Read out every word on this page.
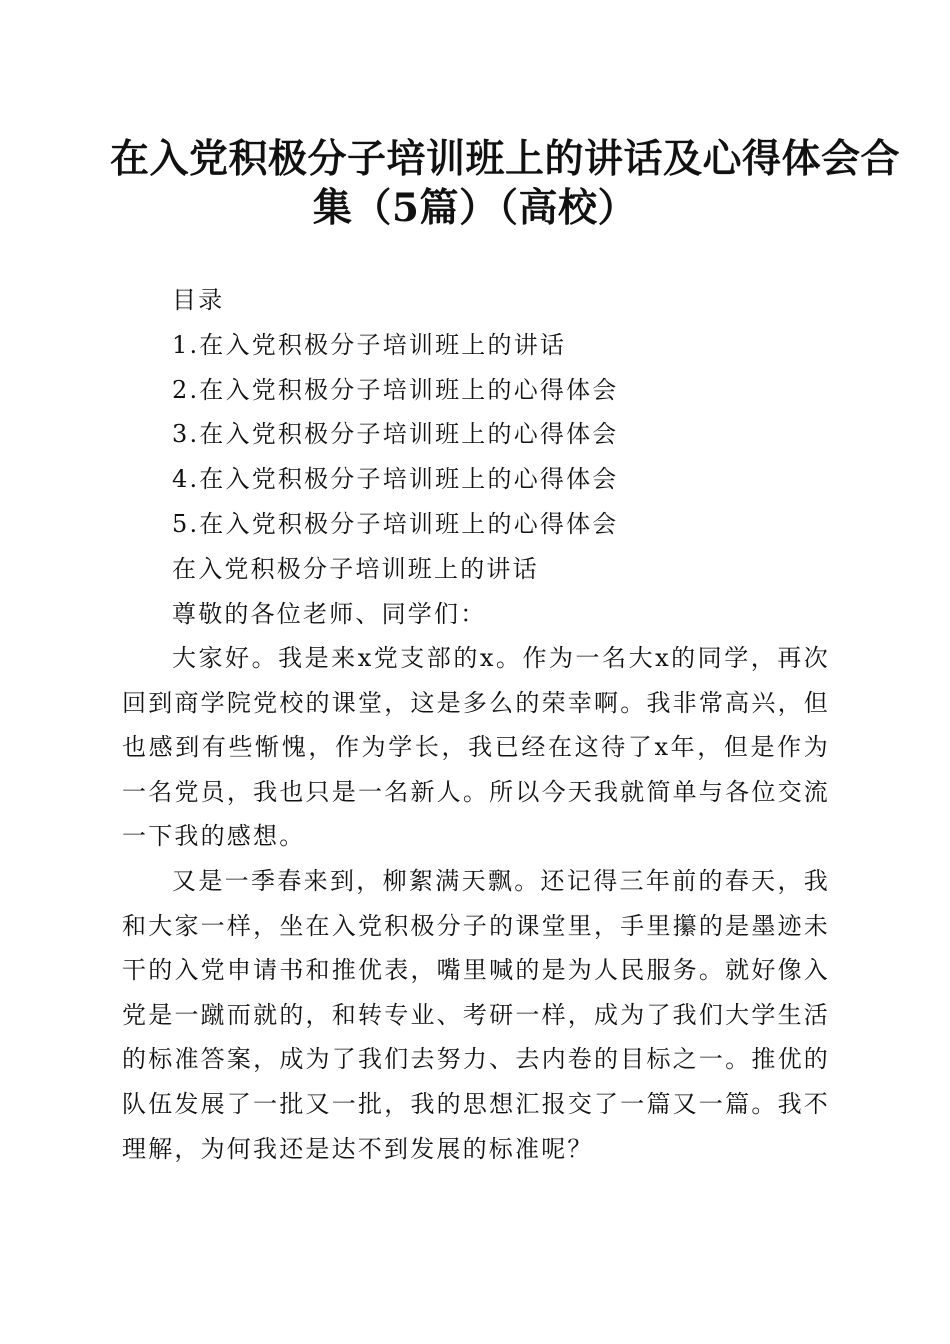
在入党积极分子培训班上的讲话及心得体会合
集（5篇）（高校）
目录
1.在入党积极分子培训班上的讲话
2.在入党积极分子培训班上的心得体会
3.在入党积极分子培训班上的心得体会
4.在入党积极分子培训班上的心得体会
5.在入党积极分子培训班上的心得体会
在入党积极分子培训班上的讲话
尊敬的各位老师、同学们：

大家好。我是来x党支部的x。作为一名大x的同学，再次回到商学院党校的课堂，这是多么的荣幸啊。我非常高兴，但也感到有些惭愧，作为学长，我已经在这待了x年，但是作为一名党员，我也只是一名新人。所以今天我就简单与各位交流一下我的感想。

又是一季春来到，柳絮满天飘。还记得三年前的春天，我和大家一样，坐在入党积极分子的课堂里，手里攥的是墨迹未干的入党申请书和推优表，嘴里喊的是为人民服务。就好像入党是一蹴而就的，和转专业、考研一样，成为了我们大学生活的标准答案，成为了我们去努力、去内卷的目标之一。推优的队伍发展了一批又一批，我的思想汇报交了一篇又一篇。我不理解，为何我还是达不到发展的标准呢？
